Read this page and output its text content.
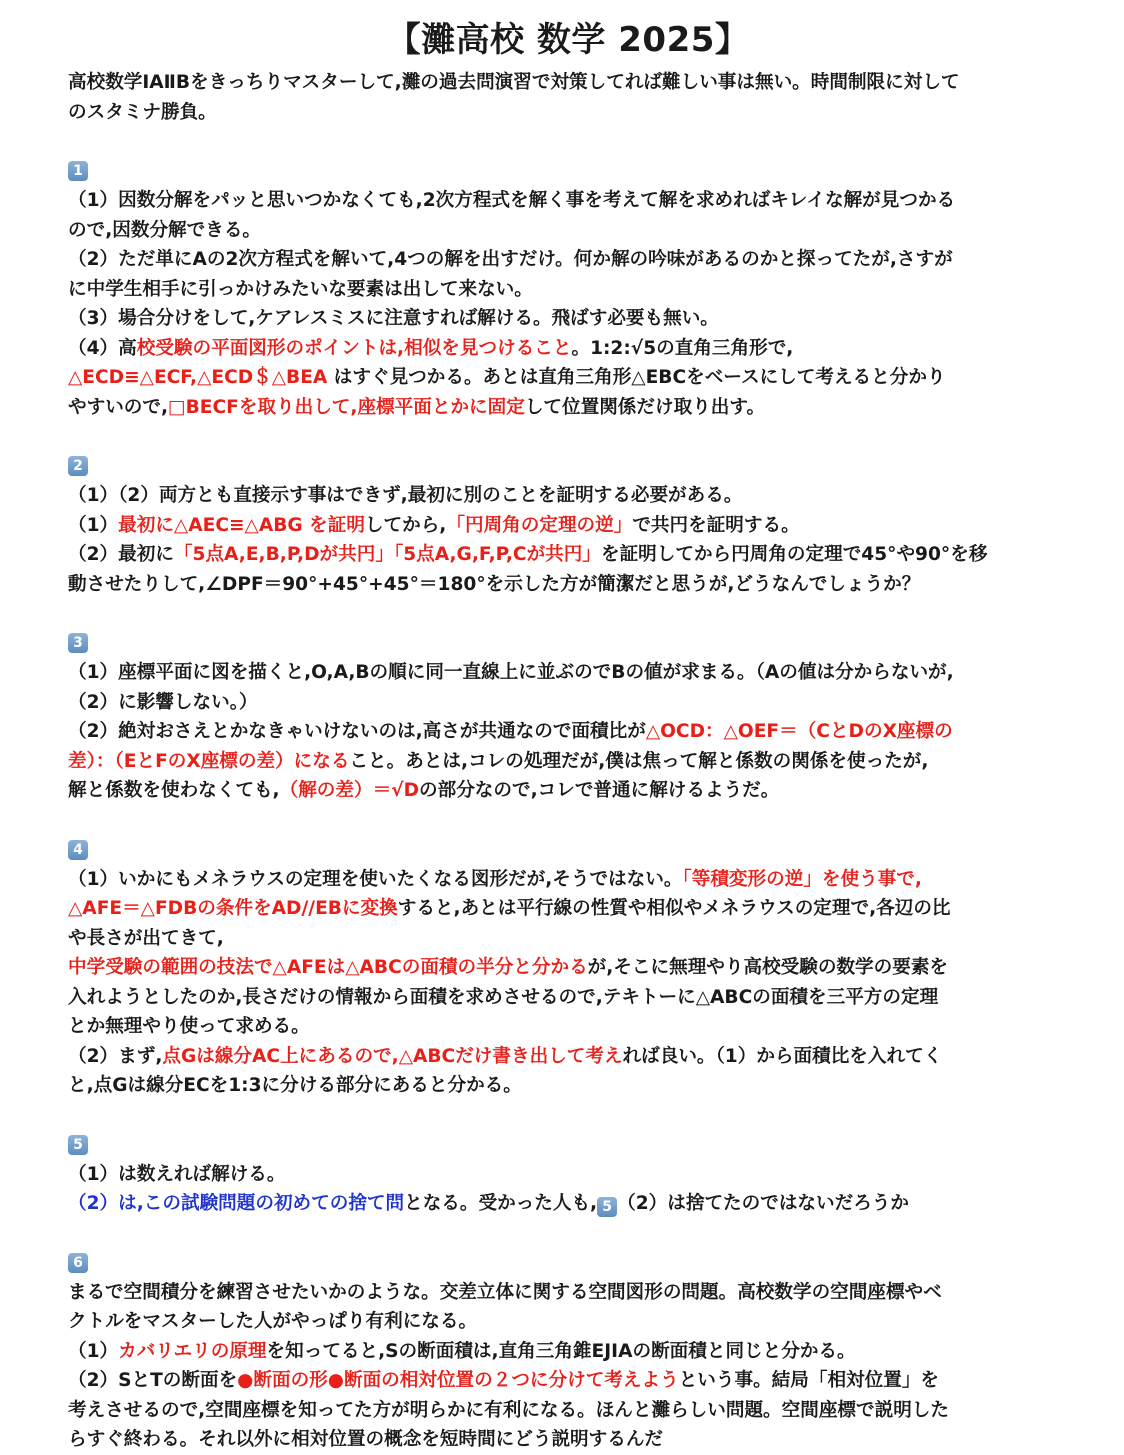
【灘高校 数学 2025】

高校数学ⅠAⅡBをきっちりマスターして,灘の過去問演習で対策してれば難しい事は無い。時間制限に対して

のスタミナ勝負。

1

（1）因数分解をパッと思いつかなくても,2次方程式を解く事を考えて解を求めればキレイな解が見つかる

ので,因数分解できる。

（2）ただ単にAの2次方程式を解いて,4つの解を出すだけ。何か解の吟味があるのかと探ってたが,さすが

に中学生相手に引っかけみたいな要素は出して来ない。

（3）場合分けをして,ケアレスミスに注意すれば解ける。飛ばす必要も無い。

（4）高校受験の平面図形のポイントは,相似を見つけること。1:2:√5の直角三角形で,

△ECD≡△ECF,△ECD＄△BEA はすぐ見つかる。あとは直角三角形△EBCをベースにして考えると分かり

やすいので,□BECFを取り出して,座標平面とかに固定して位置関係だけ取り出す。

2

（1）（2）両方とも直接示す事はできず,最初に別のことを証明する必要がある。

（1）最初に△AEC≡△ABG を証明してから,「円周角の定理の逆」で共円を証明する。

（2）最初に「5点A,E,B,P,Dが共円」「5点A,G,F,P,Cが共円」を証明してから円周角の定理で45°や90°を移

動させたりして,∠DPF＝90°+45°+45°＝180°を示した方が簡潔だと思うが,どうなんでしょうか？

3

（1）座標平面に図を描くと,O,A,Bの順に同一直線上に並ぶのでBの値が求まる。（Aの値は分からないが,

（2）に影響しない。）

（2）絶対おさえとかなきゃいけないのは,高さが共通なので面積比が△OCD：△OEF＝（CとDのX座標の

差）：（EとFのX座標の差）になること。あとは,コレの処理だが,僕は焦って解と係数の関係を使ったが,

解と係数を使わなくても,（解の差）＝√Dの部分なので,コレで普通に解けるようだ。

4

（1）いかにもメネラウスの定理を使いたくなる図形だが,そうではない。「等積変形の逆」を使う事で,

△AFE＝△FDBの条件をAD//EBに変換すると,あとは平行線の性質や相似やメネラウスの定理で,各辺の比

や長さが出てきて,

中学受験の範囲の技法で△AFEは△ABCの面積の半分と分かるが,そこに無理やり高校受験の数学の要素を

入れようとしたのか,長さだけの情報から面積を求めさせるので,テキトーに△ABCの面積を三平方の定理

とか無理やり使って求める。

（2）まず,点Gは線分AC上にあるので,△ABCだけ書き出して考えれば良い。（1）から面積比を入れてく

と,点Gは線分ECを1:3に分ける部分にあると分かる。

5

（1）は数えれば解ける。

（2）は,この試験問題の初めての捨て問となる。受かった人も, 5 （2）は捨てたのではないだろうか

6

まるで空間積分を練習させたいかのような。交差立体に関する空間図形の問題。高校数学の空間座標やベ

クトルをマスターした人がやっぱり有利になる。

（1）カバリエリの原理を知ってると,Sの断面積は,直角三角錐EJIAの断面積と同じと分かる。

（2）SとTの断面を●断面の形●断面の相対位置の２つに分けて考えようという事。結局「相対位置」を

考えさせるので,空間座標を知ってた方が明らかに有利になる。ほんと灘らしい問題。空間座標で説明した

らすぐ終わる。それ以外に相対位置の概念を短時間にどう説明するんだ
